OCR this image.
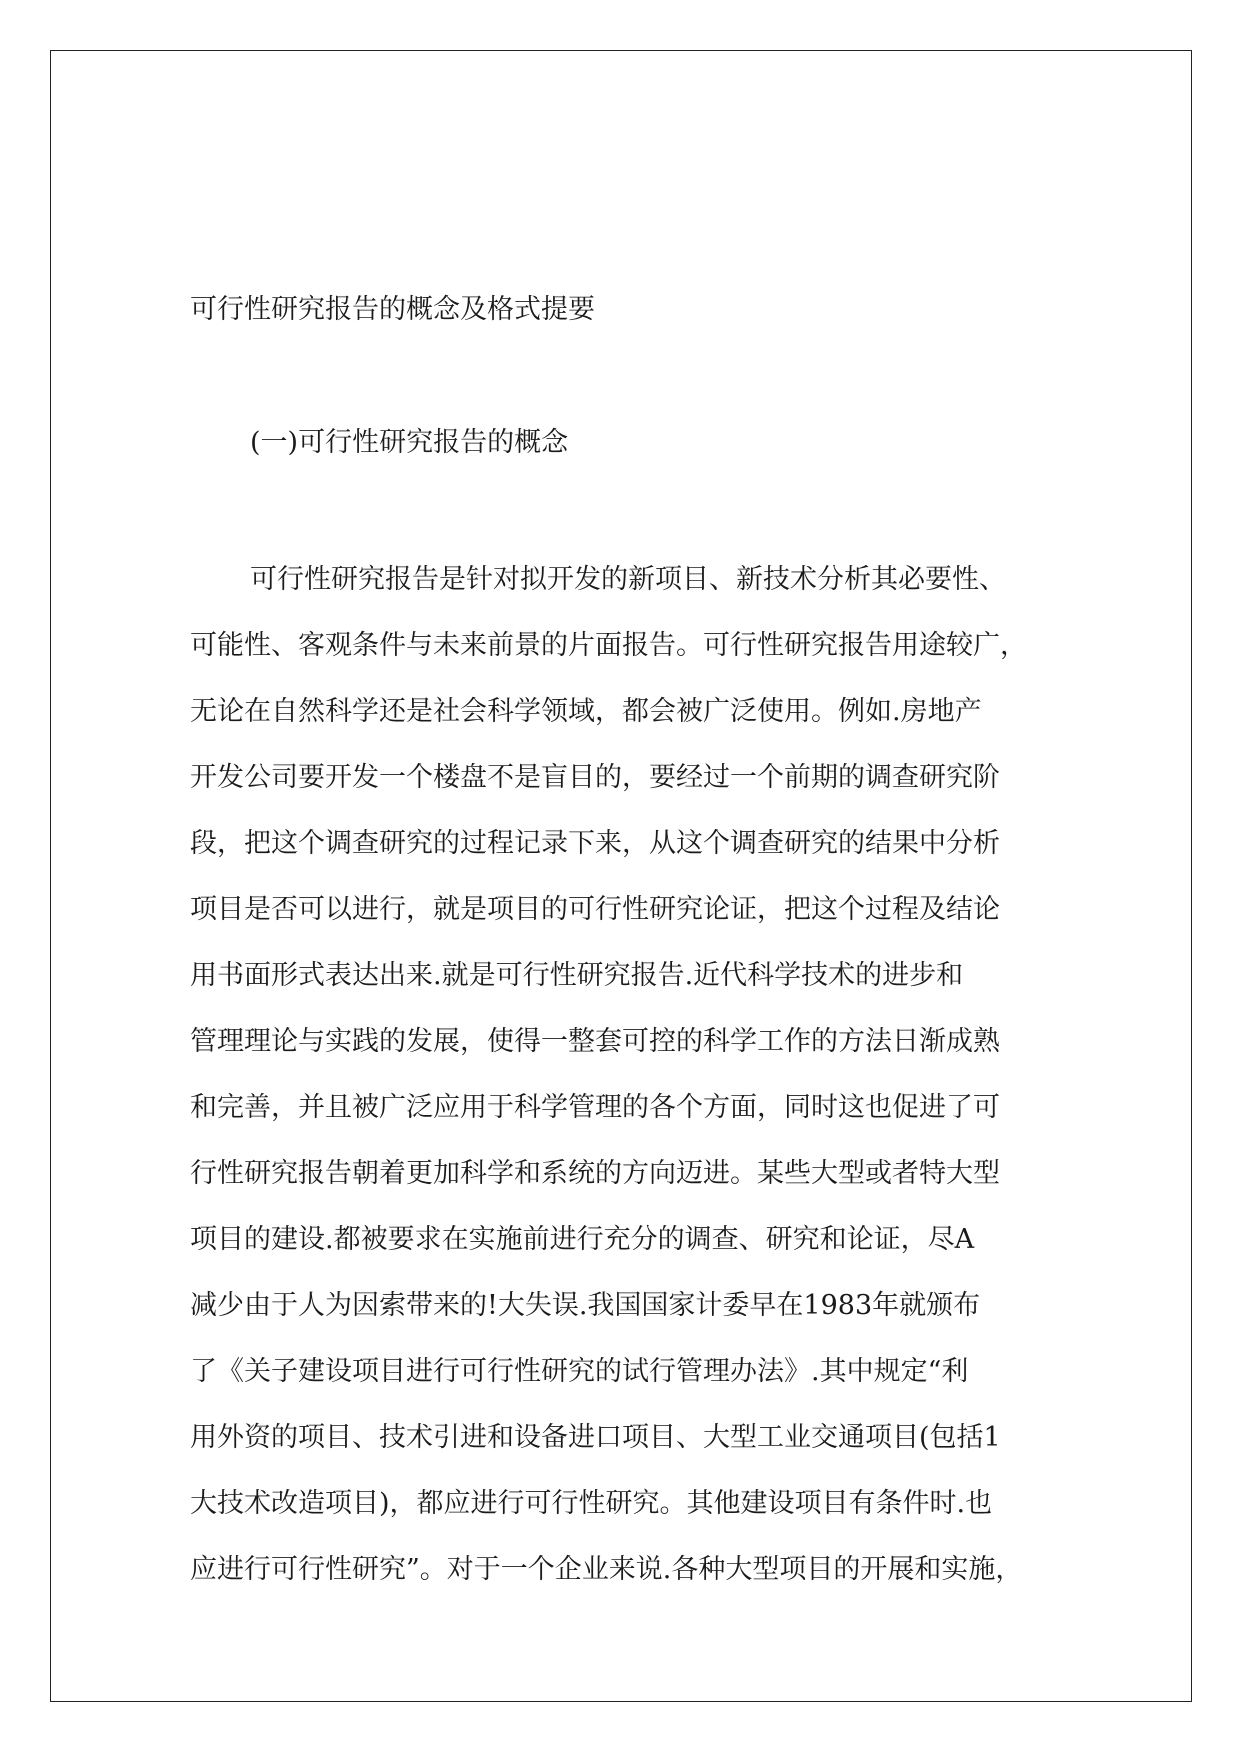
可行性研究报告的概念及格式提要
(一)可行性研究报告的概念
可行性研究报告是针对拟开发的新项目、新技术分析其必要性、
可能性、客观条件与未来前景的片面报告。可行性研究报告用途较广，
无论在自然科学还是社会科学领域，都会被广泛使用。例如.房地产
开发公司要开发一个楼盘不是盲目的，要经过一个前期的调查研究阶
段，把这个调查研究的过程记录下来，从这个调查研究的结果中分析
项目是否可以进行，就是项目的可行性研究论证，把这个过程及结论
用书面形式表达出来.就是可行性研究报告.近代科学技术的进步和
管理理论与实践的发展，使得一整套可控的科学工作的方法日渐成熟
和完善，并且被广泛应用于科学管理的各个方面，同时这也促进了可
行性研究报告朝着更加科学和系统的方向迈进。某些大型或者特大型
项目的建设.都被要求在实施前进行充分的调查、研究和论证，尽A
减少由于人为因索带来的!大失误.我国国家计委早在1983年就颁布
了《关子建设项目进行可行性研究的试行管理办法》.其中规定“利
用外资的项目、技术引进和设备进口项目、大型工业交通项目(包括1
大技术改造项目)，都应进行可行性研究。其他建设项目有条件时.也
应进行可行性研究”。对于一个企业来说.各种大型项目的开展和实施，
